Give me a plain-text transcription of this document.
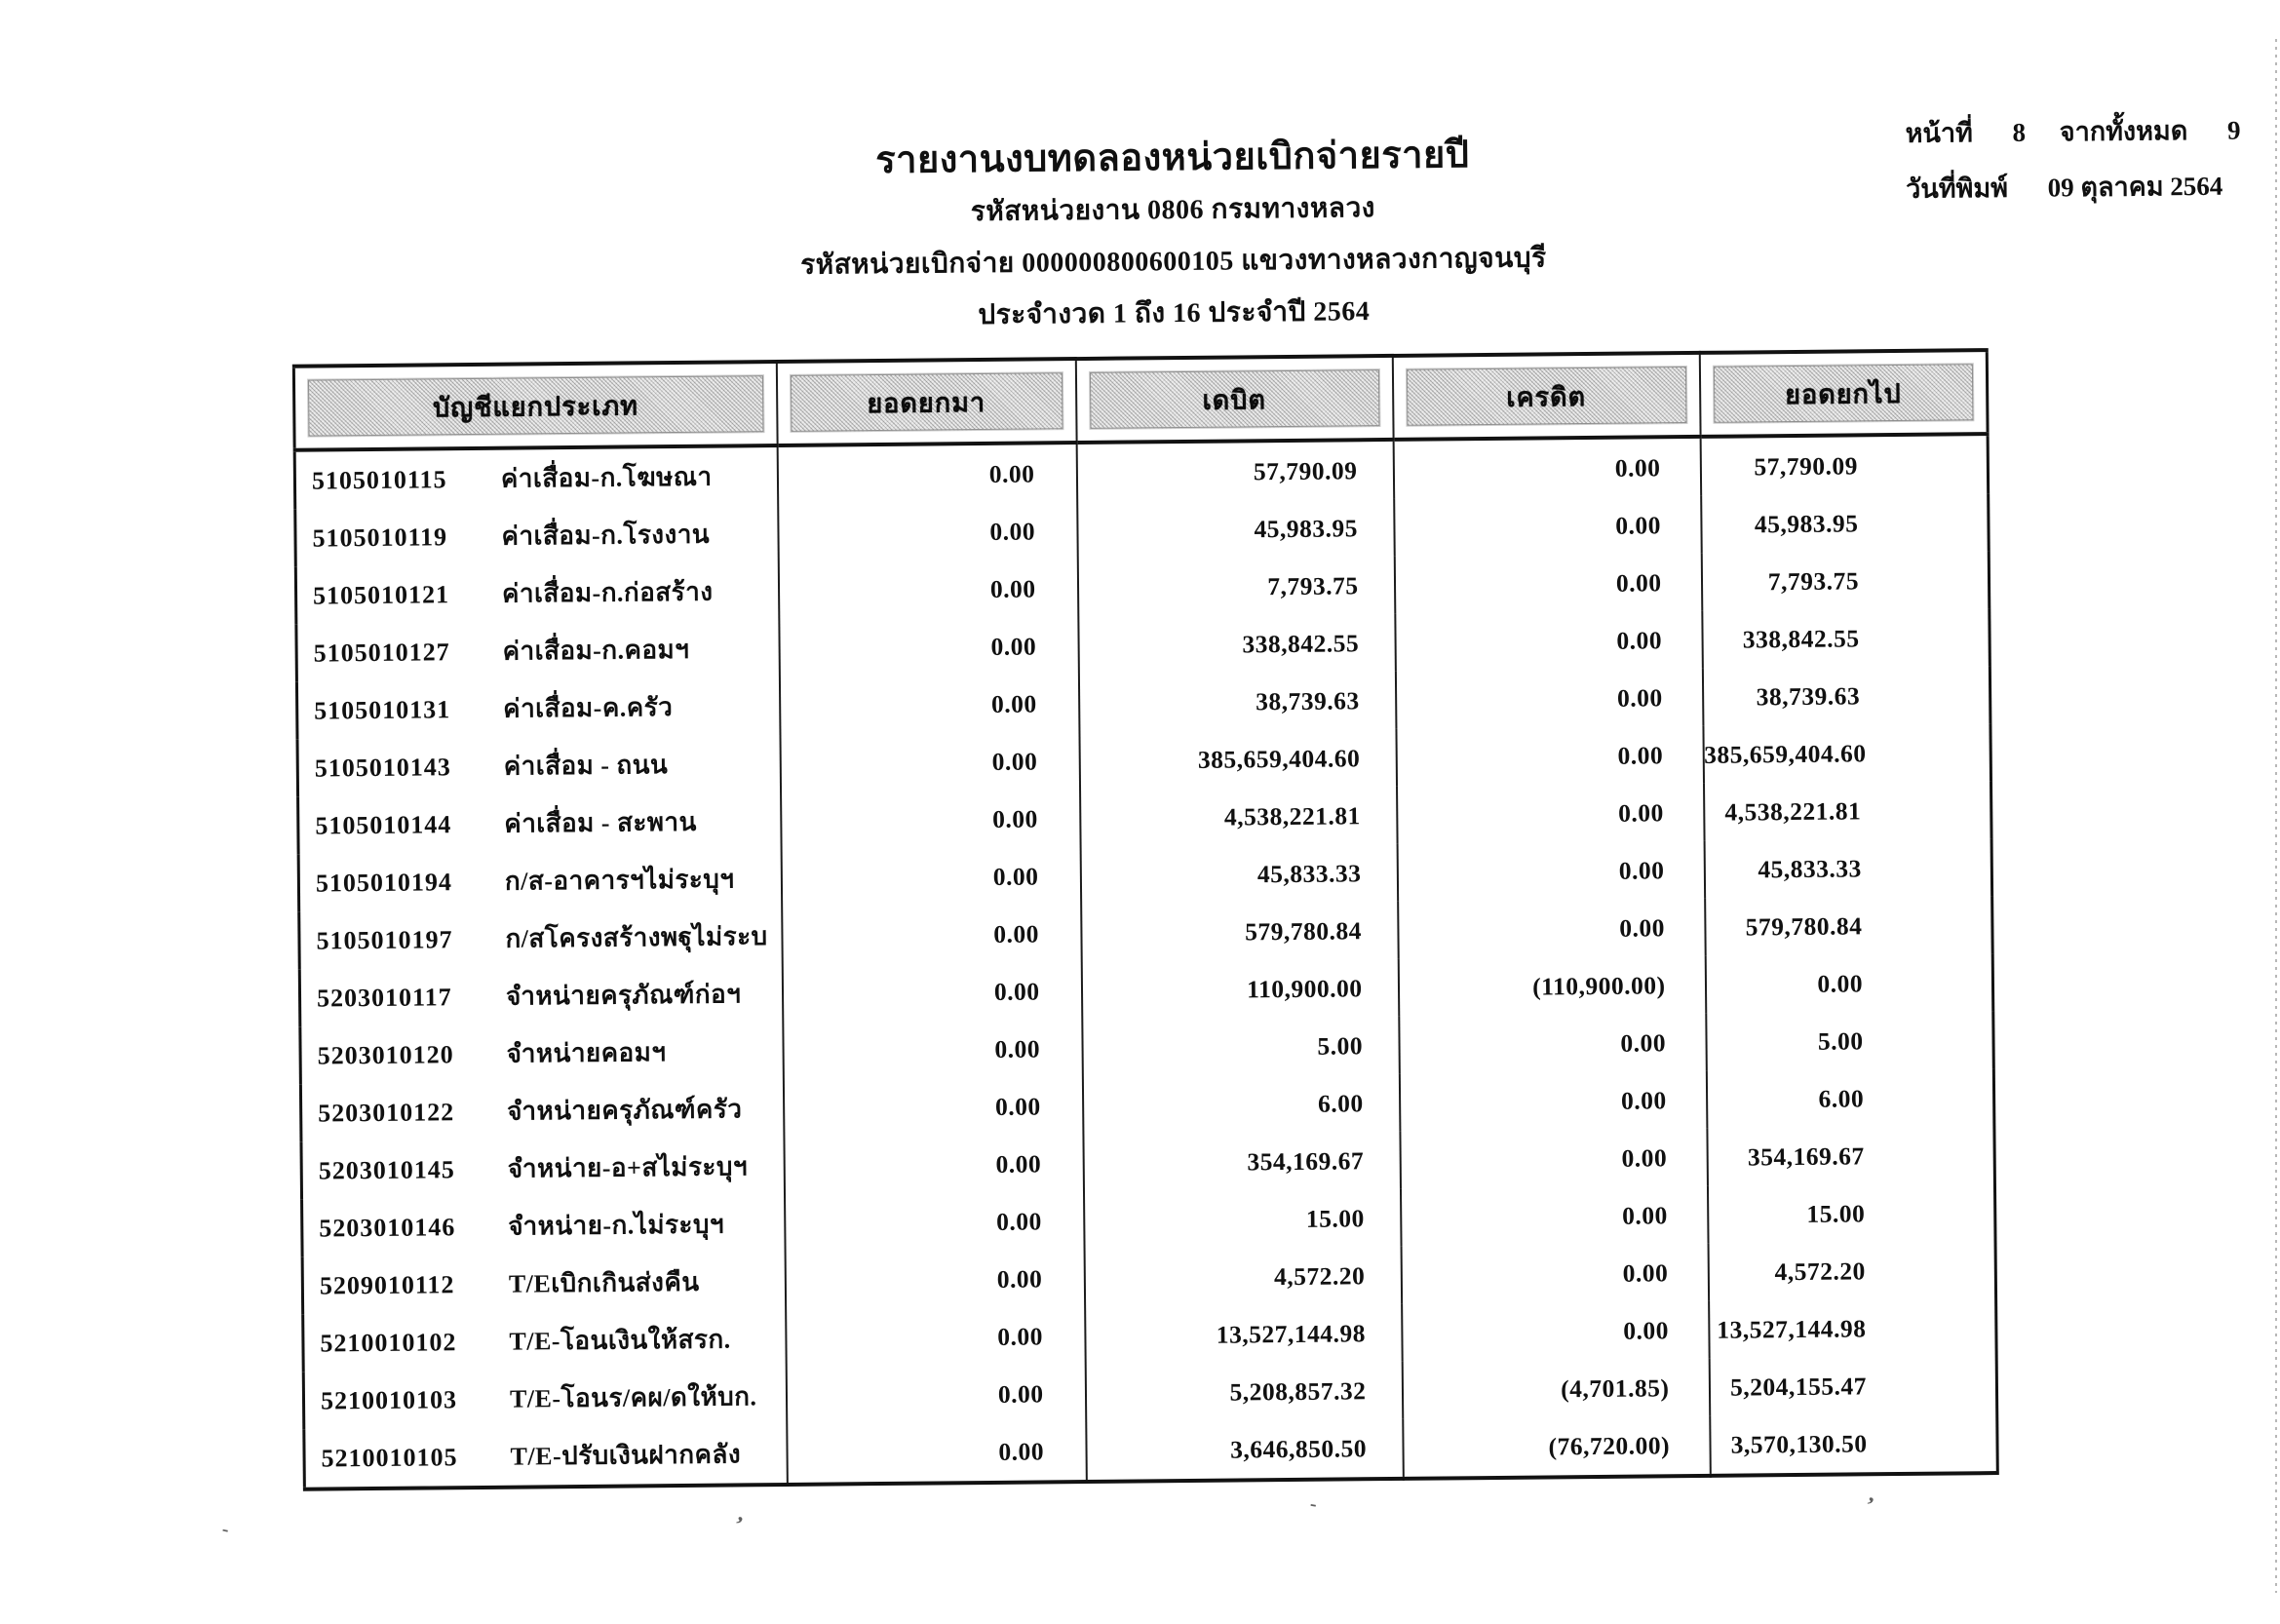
รายงานงบทดลองหน่วยเบิกจ่ายรายปี
รหัสหน่วยงาน 0806 กรมทางหลวง
รหัสหน่วยเบิกจ่าย 000000800600105 แขวงทางหลวงกาญจนบุรี
ประจำงวด 1 ถึง 16 ประจำปี 2564
หน้าที่ 8 จากทั้งหมด 9
วันที่พิมพ์ 09 ตุลาคม 2564
บัญชีแยกประเภท	ยอดยกมา	เดบิต	เครดิต	ยอดยกไป

5105010115 ค่าเสื่อม-ก.โฆษณา	0.00	57,790.09	0.00	57,790.09
5105010119 ค่าเสื่อม-ก.โรงงาน	0.00	45,983.95	0.00	45,983.95
5105010121 ค่าเสื่อม-ก.ก่อสร้าง	0.00	7,793.75	0.00	7,793.75
5105010127 ค่าเสื่อม-ก.คอมฯ	0.00	338,842.55	0.00	338,842.55
5105010131 ค่าเสื่อม-ค.ครัว	0.00	38,739.63	0.00	38,739.63
5105010143 ค่าเสื่อม - ถนน	0.00	385,659,404.60	0.00	385,659,404.60
5105010144 ค่าเสื่อม - สะพาน	0.00	4,538,221.81	0.00	4,538,221.81
5105010194 ก/ส-อาคารฯไม่ระบุฯ	0.00	45,833.33	0.00	45,833.33
5105010197 ก/สโครงสร้างพฐุไม่ระบ	0.00	579,780.84	0.00	579,780.84
5203010117 จำหน่ายครุภัณฑ์ก่อฯ	0.00	110,900.00	(110,900.00)	0.00
5203010120 จำหน่ายคอมฯ	0.00	5.00	0.00	5.00
5203010122 จำหน่ายครุภัณฑ์ครัว	0.00	6.00	0.00	6.00
5203010145 จำหน่าย-อ+สไม่ระบุฯ	0.00	354,169.67	0.00	354,169.67
5203010146 จำหน่าย-ก.ไม่ระบุฯ	0.00	15.00	0.00	15.00
5209010112 T/Eเบิกเกินส่งคืน	0.00	4,572.20	0.00	4,572.20
5210010102 T/E-โอนเงินให้สรก.	0.00	13,527,144.98	0.00	13,527,144.98
5210010103 T/E-โอนร/คผ/ดให้บก.	0.00	5,208,857.32	(4,701.85)	5,204,155.47
5210010105 T/E-ปรับเงินฝากคลัง	0.00	3,646,850.50	(76,720.00)	3,570,130.50
-
,	-	,
